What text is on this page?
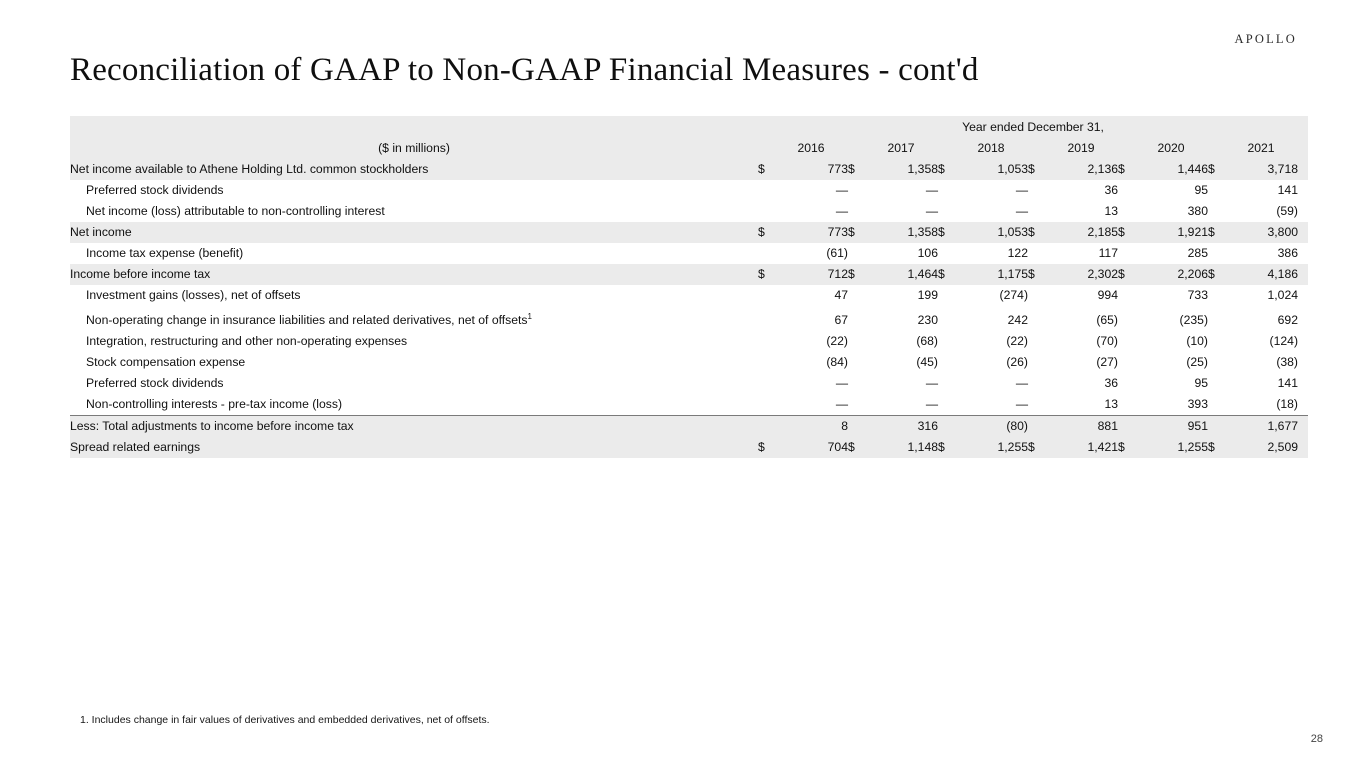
APOLLO
Reconciliation of GAAP to Non-GAAP Financial Measures - cont'd
	Year ended December 31,											
($ in millions)		2016		2017		2018		2019		2020		2021
Net income available to Athene Holding Ltd. common stockholders	$	773	$	1,358	$	1,053	$	2,136	$	1,446	$	3,718
Preferred stock dividends		—		—		—		36		95		141
Net income (loss) attributable to non-controlling interest		—		—		—		13		380		(59)
Net income	$	773	$	1,358	$	1,053	$	2,185	$	1,921	$	3,800
Income tax expense (benefit)		(61)		106		122		117		285		386
Income before income tax	$	712	$	1,464	$	1,175	$	2,302	$	2,206	$	4,186
Investment gains (losses), net of offsets		47		199		(274)		994		733		1,024
Non-operating change in insurance liabilities and related derivatives, net of offsets$^1$		67		230		242		(65)		(235)		692
Integration, restructuring and other non-operating expenses		(22)		(68)		(22)		(70)		(10)		(124)
Stock compensation expense		(84)		(45)		(26)		(27)		(25)		(38)
Preferred stock dividends		—		—		—		36		95		141
Non-controlling interests - pre-tax income (loss)		—		—		—		13		393		(18)
Less: Total adjustments to income before income tax		8		316		(80)		881		951		1,677
Spread related earnings	$	704	$	1,148	$	1,255	$	1,421	$	1,255	$	2,509
1. Includes change in fair values of derivatives and embedded derivatives, net of offsets.
28
